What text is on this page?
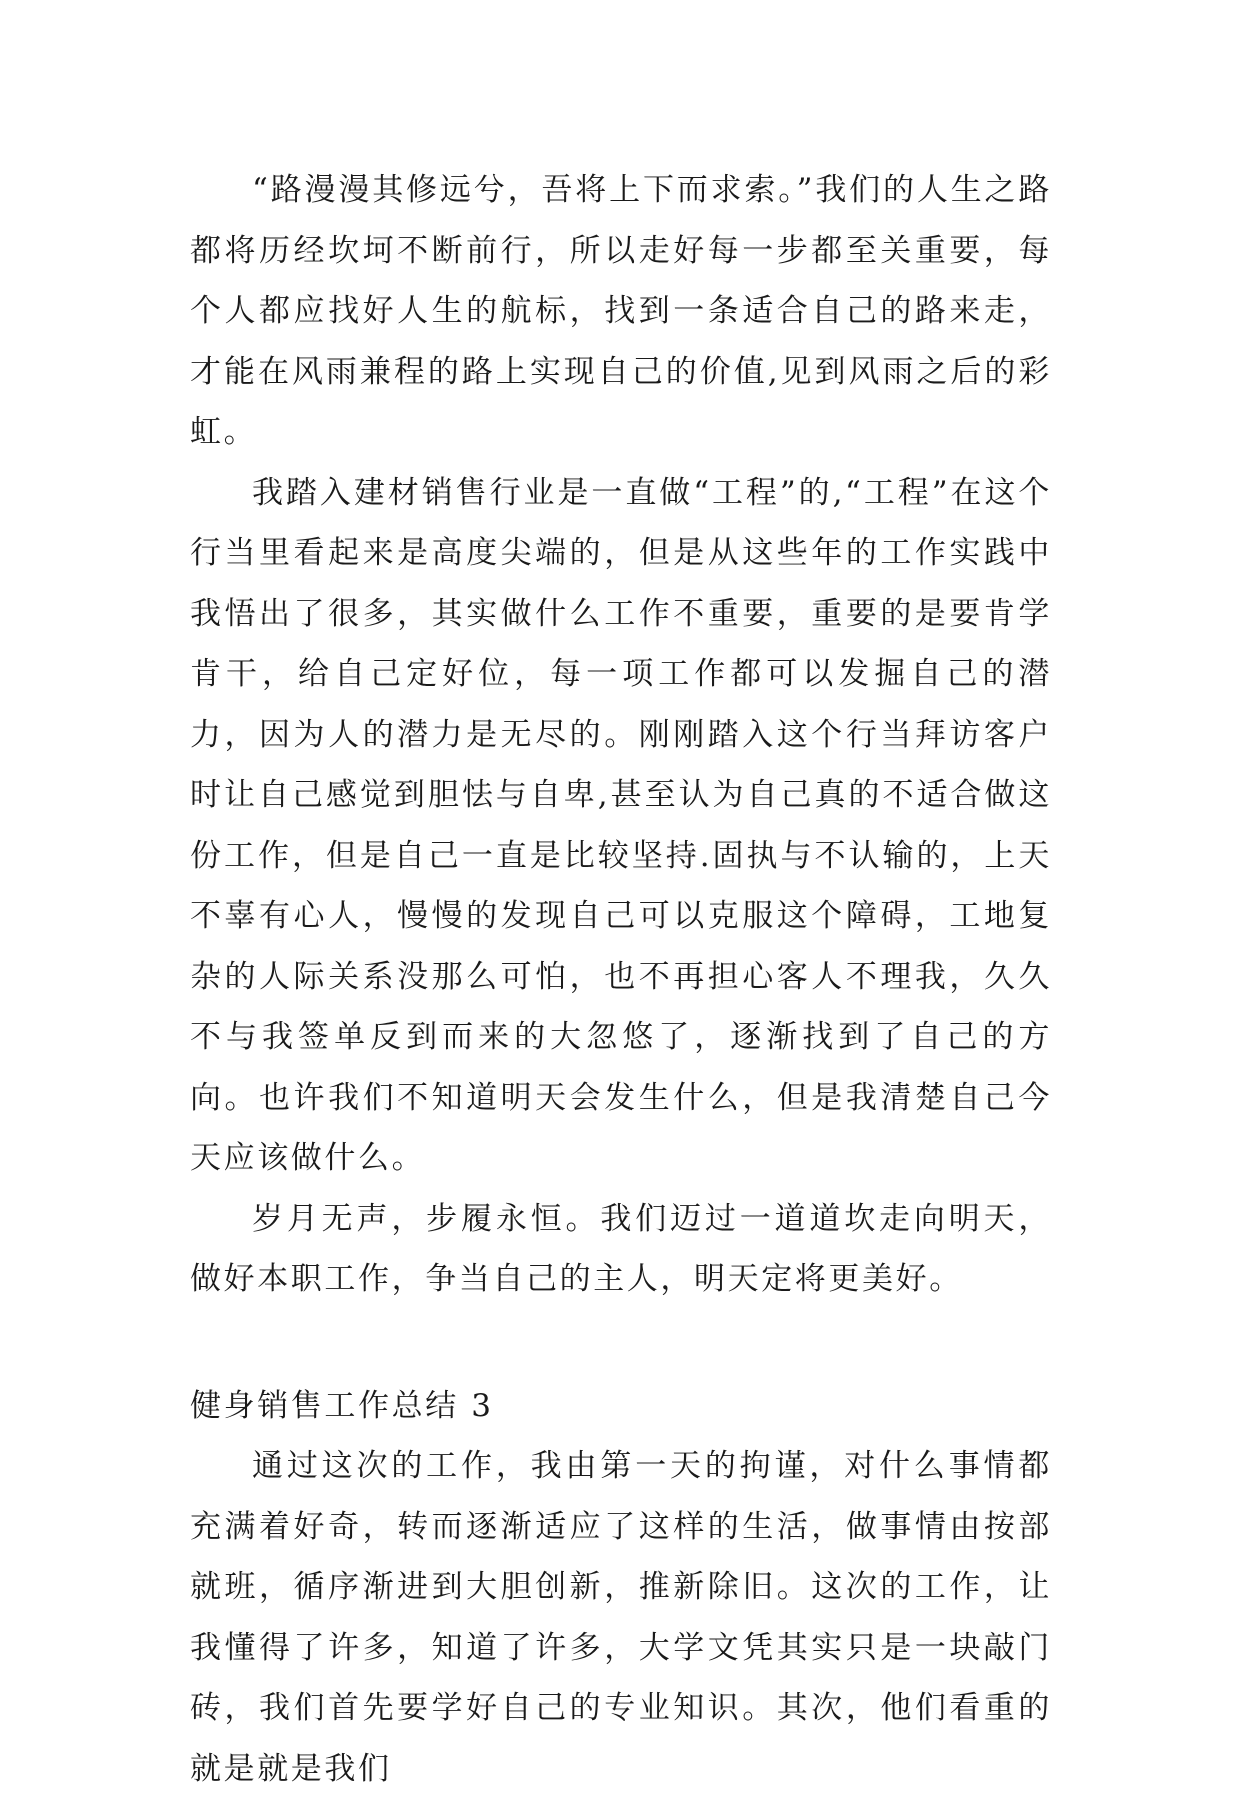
“路漫漫其修远兮，吾将上下而求索。”我们的人生之路都将历经坎坷不断前行，所以走好每一步都至关重要，每个人都应找好人生的航标，找到一条适合自己的路来走，才能在风雨兼程的路上实现自己的价值,见到风雨之后的彩虹。

我踏入建材销售行业是一直做“工程”的,“工程”在这个行当里看起来是高度尖端的，但是从这些年的工作实践中我悟出了很多，其实做什么工作不重要，重要的是要肯学肯干，给自己定好位，每一项工作都可以发掘自己的潜力，因为人的潜力是无尽的。刚刚踏入这个行当拜访客户时让自己感觉到胆怯与自卑,甚至认为自己真的不适合做这份工作，但是自己一直是比较坚持.固执与不认输的，上天不辜有心人，慢慢的发现自己可以克服这个障碍，工地复杂的人际关系没那么可怕，也不再担心客人不理我，久久不与我签单反到而来的大忽悠了，逐渐找到了自己的方向。也许我们不知道明天会发生什么，但是我清楚自己今天应该做什么。

岁月无声，步履永恒。我们迈过一道道坎走向明天，做好本职工作，争当自己的主人，明天定将更美好。

健身销售工作总结 3

通过这次的工作，我由第一天的拘谨，对什么事情都充满着好奇，转而逐渐适应了这样的生活，做事情由按部就班，循序渐进到大胆创新，推新除旧。这次的工作，让我懂得了许多，知道了许多，大学文凭其实只是一块敲门砖，我们首先要学好自己的专业知识。其次，他们看重的就是就是我们
